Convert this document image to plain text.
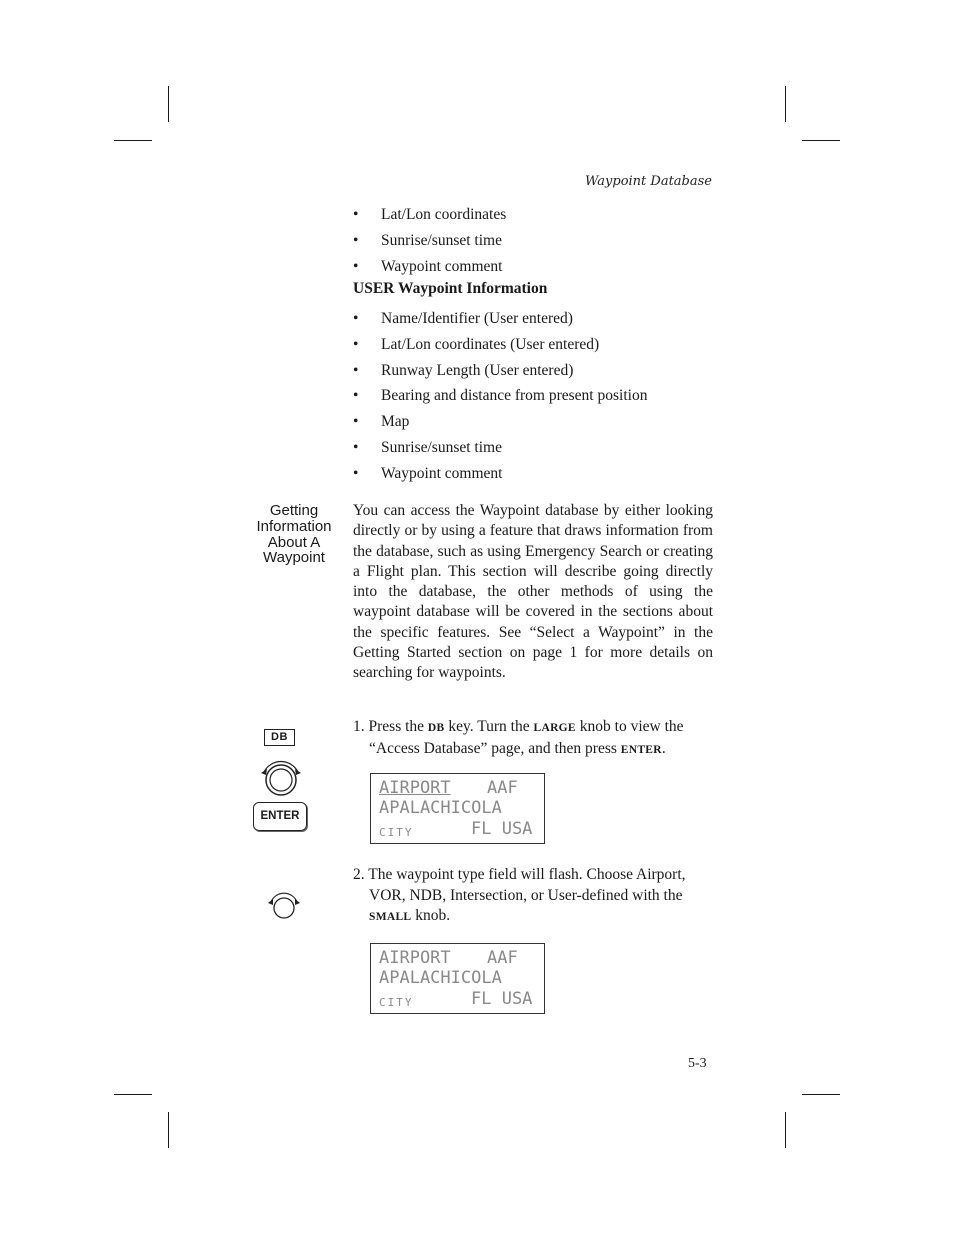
Waypoint Database
• Lat/Lon coordinates
• Sunrise/sunset time
• Waypoint comment
USER Waypoint Information
• Name/Identifier (User entered)
• Lat/Lon coordinates (User entered)
• Runway Length (User entered)
• Bearing and distance from present position
• Map
• Sunrise/sunset time
• Waypoint comment
Getting
Information
About A
Waypoint
You can access the Waypoint database by either looking directly or by using a feature that draws information from the database, such as using Emergency Search or creating a Flight plan. This section will describe going directly into the database, the other methods of using the waypoint database will be covered in the sections about the specific features. See “Select a Waypoint” in the Getting Started section on page 1 for more details on searching for waypoints.
1. Press the DB key. Turn the LARGE knob to view the
“Access Database” page, and then press ENTER.
DB
ENTER
AIRPORT AAF
APALACHICOLA
CITY	FL USA
2. The waypoint type field will flash. Choose Airport,
VOR, NDB, Intersection, or User-defined with the
SMALL knob.
AIRPORT AAF
APALACHICOLA
CITY	FL USA
5-3
